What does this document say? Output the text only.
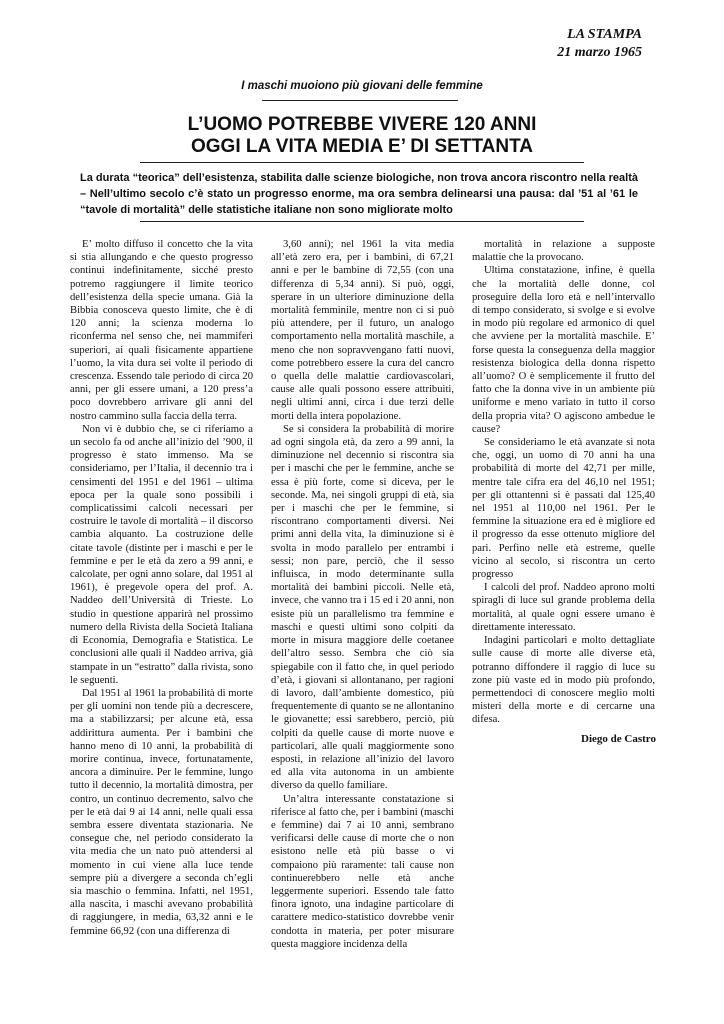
LA STAMPA
21 marzo 1965
I maschi muoiono più giovani delle femmine
L’UOMO POTREBBE VIVERE 120 ANNI
OGGI LA VITA MEDIA E’ DI SETTANTA
La durata “teorica” dell’esistenza, stabilita dalle scienze biologiche, non trova ancora riscontro nella realtà – Nell’ultimo secolo c’è stato un progresso enorme, ma ora sembra delinearsi una pausa: dal ’51 al ’61 le “tavole di mortalità” delle statistiche italiane non sono migliorate molto

E’ molto diffuso il concetto che la vita si stia allungando e che questo progresso continui indefinitamente, sicché presto potremo raggiungere il limite teorico dell’esistenza della specie umana. Già la Bibbia conosceva questo limite, che è di 120 anni; la scienza moderna lo riconferma nel senso che, nei mammiferi superiori, ai quali fisicamente appartiene l’uomo, la vita dura sei volte il periodo di crescenza. Essendo tale periodo di circa 20 anni, per gli essere umani, a 120 press’a poco dovrebbero arrivare gli anni del nostro cammino sulla faccia della terra.

Non vi è dubbio che, se ci riferiamo a un secolo fa od anche all’inizio del ’900, il progresso è stato immenso. Ma se consideriamo, per l’Italia, il decennio tra i censimenti del 1951 e del 1961 – ultima epoca per la quale sono possibili i complicatissimi calcoli necessari per costruire le tavole di mortalità – il discorso cambia alquanto. La costruzione delle citate tavole (distinte per i maschi e per le femmine e per le età da zero a 99 anni, e calcolate, per ogni anno solare, dal 1951 al 1961), è pregevole opera del prof. A. Naddeo dell’Università di Trieste. Lo studio in questione apparirà nel prossimo numero della Rivista della Società Italiana di Economia, Demografia e Statistica. Le conclusioni alle quali il Naddeo arriva, già stampate in un “estratto” dalla rivista, sono le seguenti.

Dal 1951 al 1961 la probabilità di morte per gli uomini non tende più a decrescere, ma a stabilizzarsi; per alcune età, essa addirittura aumenta. Per i bambini che hanno meno di 10 anni, la probabilità di morire continua, invece, fortunatamente, ancora a diminuire. Per le femmine, lungo tutto il decennio, la mortalità dimostra, per contro, un continuo decremento, salvo che per le età dai 9 ai 14 anni, nelle quali essa sembra essere diventata stazionaria. Ne consegue che, nel periodo considerato la vita media che un nato può attendersi al momento in cui viene alla luce tende sempre più a divergere a seconda ch’egli sia maschio o femmina. Infatti, nel 1951, alla nascita, i maschi avevano probabilità di raggiungere, in media, 63,32 anni e le femmine 66,92 (con una differenza di

3,60 anni); nel 1961 la vita media all’età zero era, per i bambini, di 67,21 anni e per le bambine di 72,55 (con una differenza di 5,34 anni). Si può, oggi, sperare in un ulteriore diminuzione della mortalità femminile, mentre non ci si può più attendere, per il futuro, un analogo comportamento nella mortalità maschile, a meno che non sopravvengano fatti nuovi, come potrebbero essere la cura del cancro o quella delle malattie cardiovascolari, cause alle quali possono essere attribuiti, negli ultimi anni, circa i due terzi delle morti della intera popolazione.

Se si considera la probabilità di morire ad ogni singola età, da zero a 99 anni, la diminuzione nel decennio si riscontra sia per i maschi che per le femmine, anche se essa è più forte, come si diceva, per le seconde. Ma, nei singoli gruppi di età, sia per i maschi che per le femmine, si riscontrano comportamenti diversi. Nei primi anni della vita, la diminuzione si è svolta in modo parallelo per entrambi i sessi; non pare, perciò, che il sesso influisca, in modo determinante sulla mortalità dei bambini piccoli. Nelle età, invece, che vanno tra i 15 ed i 20 anni, non esiste più un parallelismo tra femmine e maschi e questi ultimi sono colpiti da morte in misura maggiore delle coetanee dell’altro sesso. Sembra che ciò sia spiegabile con il fatto che, in quel periodo d’età, i giovani si allontanano, per ragioni di lavoro, dall’ambiente domestico, più frequentemente di quanto se ne allontanino le giovanette; essi sarebbero, perciò, più colpiti da quelle cause di morte nuove e particolari, alle quali maggiormente sono esposti, in relazione all’inizio del lavoro ed alla vita autonoma in un ambiente diverso da quello familiare.

Un’altra interessante constatazione si riferisce al fatto che, per i bambini (maschi e femmine) dai 7 ai 10 anni, sembrano verificarsi delle cause di morte che o non esistono nelle età più basse o vi compaiono più raramente: tali cause non continuerebbero nelle età anche leggermente superiori. Essendo tale fatto finora ignoto, una indagine particolare di carattere medico-statistico dovrebbe venir condotta in materia, per poter misurare questa maggiore incidenza della

mortalità in relazione a supposte malattie che la provocano.

Ultima constatazione, infine, è quella che la mortalità delle donne, col proseguire della loro età e nell’intervallo di tempo considerato, si svolge e si evolve in modo più regolare ed armonico di quel che avviene per la mortalità maschile. E’ forse questa la conseguenza della maggior resistenza biologica della donna rispetto all’uomo? O è semplicemente il frutto del fatto che la donna vive in un ambiente più uniforme e meno variato in tutto il corso della propria vita? O agiscono ambedue le cause?

Se consideriamo le età avanzate si nota che, oggi, un uomo di 70 anni ha una probabilità di morte del 42,71 per mille, mentre tale cifra era del 46,10 nel 1951; per gli ottantenni si è passati dal 125,40 nel 1951 al 110,00 nel 1961. Per le femmine la situazione era ed è migliore ed il progresso da esse ottenuto migliore del pari. Perfino nelle età estreme, quelle vicino al secolo, si riscontra un certo progresso

I calcoli del prof. Naddeo aprono molti spiragli di luce sul grande problema della mortalità, al quale ogni essere umano è direttamente interessato.

Indagini particolari e molto dettagliate sulle cause di morte alle diverse età, potranno diffondere il raggio di luce su zone più vaste ed in modo più profondo, permettendoci di conoscere meglio molti misteri della morte e di cercarne una difesa.

Diego de Castro
